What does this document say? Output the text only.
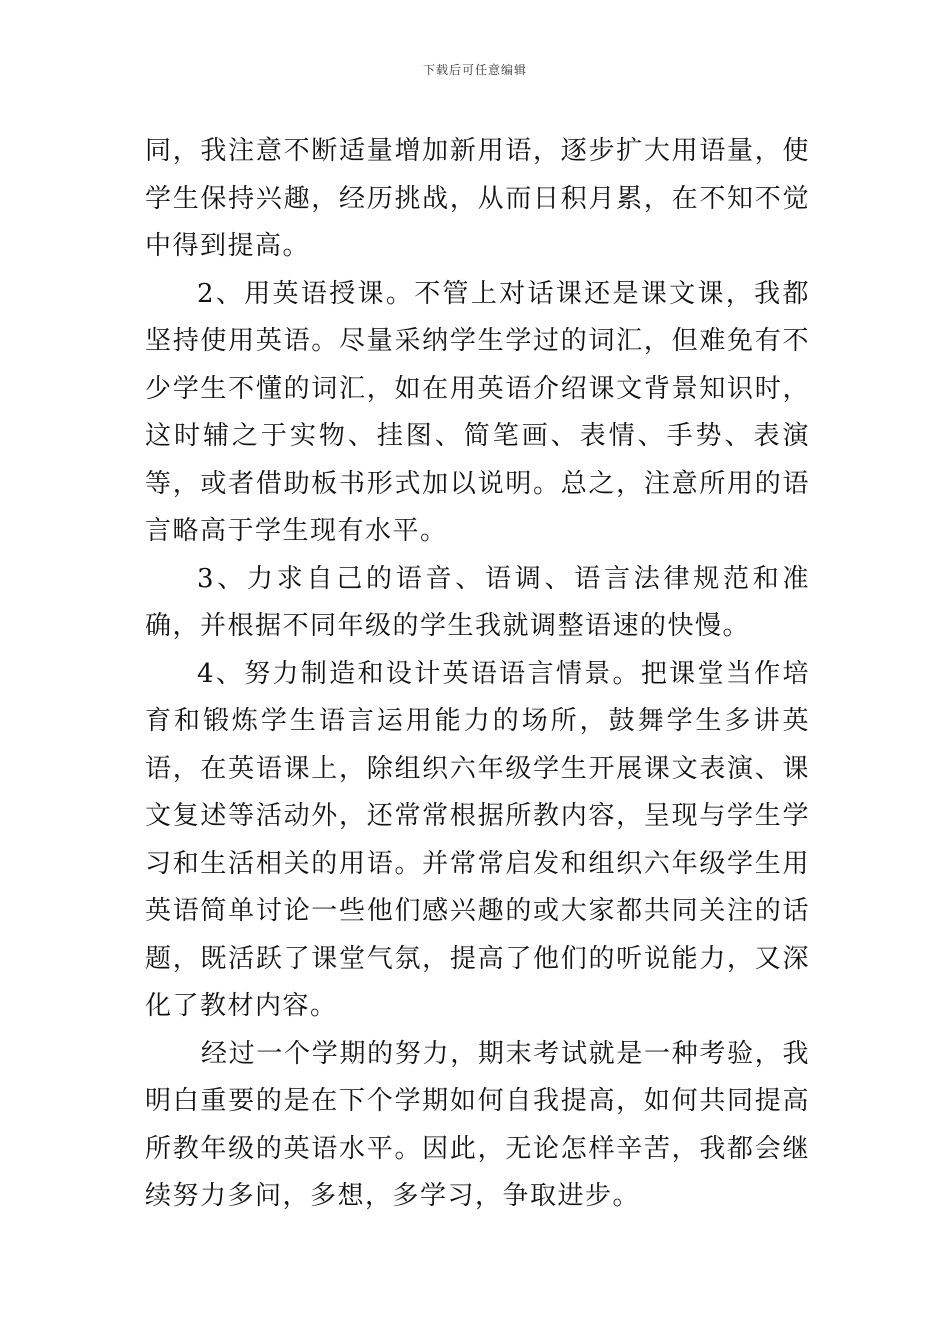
下载后可任意编辑

同，我注意不断适量增加新用语，逐步扩大用语量，使学生保持兴趣，经历挑战，从而日积月累，在不知不觉中得到提高。

2、用英语授课。不管上对话课还是课文课，我都坚持使用英语。尽量采纳学生学过的词汇，但难免有不少学生不懂的词汇，如在用英语介绍课文背景知识时，这时辅之于实物、挂图、简笔画、表情、手势、表演等，或者借助板书形式加以说明。总之，注意所用的语言略高于学生现有水平。

3、力求自己的语音、语调、语言法律规范和准确，并根据不同年级的学生我就调整语速的快慢。

4、努力制造和设计英语语言情景。把课堂当作培育和锻炼学生语言运用能力的场所，鼓舞学生多讲英语，在英语课上，除组织六年级学生开展课文表演、课文复述等活动外，还常常根据所教内容，呈现与学生学习和生活相关的用语。并常常启发和组织六年级学生用英语简单讨论一些他们感兴趣的或大家都共同关注的话题，既活跃了课堂气氛，提高了他们的听说能力，又深化了教材内容。

经过一个学期的努力，期末考试就是一种考验，我明白重要的是在下个学期如何自我提高，如何共同提高所教年级的英语水平。因此，无论怎样辛苦，我都会继续努力多问，多想，多学习，争取进步。
